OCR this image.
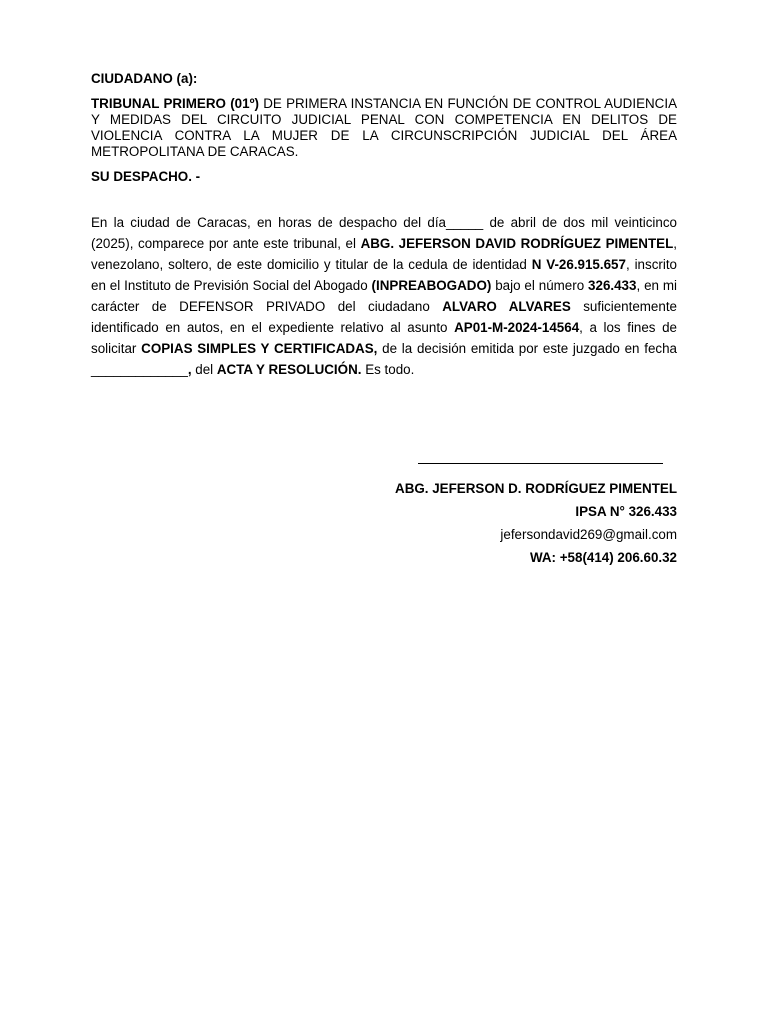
CIUDADANO (a):

TRIBUNAL PRIMERO (01º) DE PRIMERA INSTANCIA EN FUNCIÓN DE CONTROL AUDIENCIA Y MEDIDAS DEL CIRCUITO JUDICIAL PENAL CON COMPETENCIA EN DELITOS DE VIOLENCIA CONTRA LA MUJER DE LA CIRCUNSCRIPCIÓN JUDICIAL DEL ÁREA METROPOLITANA DE CARACAS.

SU DESPACHO. -

En la ciudad de Caracas, en horas de despacho del día_____ de abril de dos mil veinticinco (2025), comparece por ante este tribunal, el ABG. JEFERSON DAVID RODRÍGUEZ PIMENTEL, venezolano, soltero, de este domicilio y titular de la cedula de identidad N V-26.915.657, inscrito en el Instituto de Previsión Social del Abogado (INPREABOGADO) bajo el número 326.433, en mi carácter de DEFENSOR PRIVADO del ciudadano ALVARO ALVARES suficientemente identificado en autos, en el expediente relativo al asunto AP01-M-2024-14564, a los fines de solicitar COPIAS SIMPLES Y CERTIFICADAS, de la decisión emitida por este juzgado en fecha _____________, del ACTA Y RESOLUCIÓN. Es todo.

ABG. JEFERSON D. RODRÍGUEZ PIMENTEL
IPSA N° 326.433
jefersondavid269@gmail.com
WA: +58(414) 206.60.32
